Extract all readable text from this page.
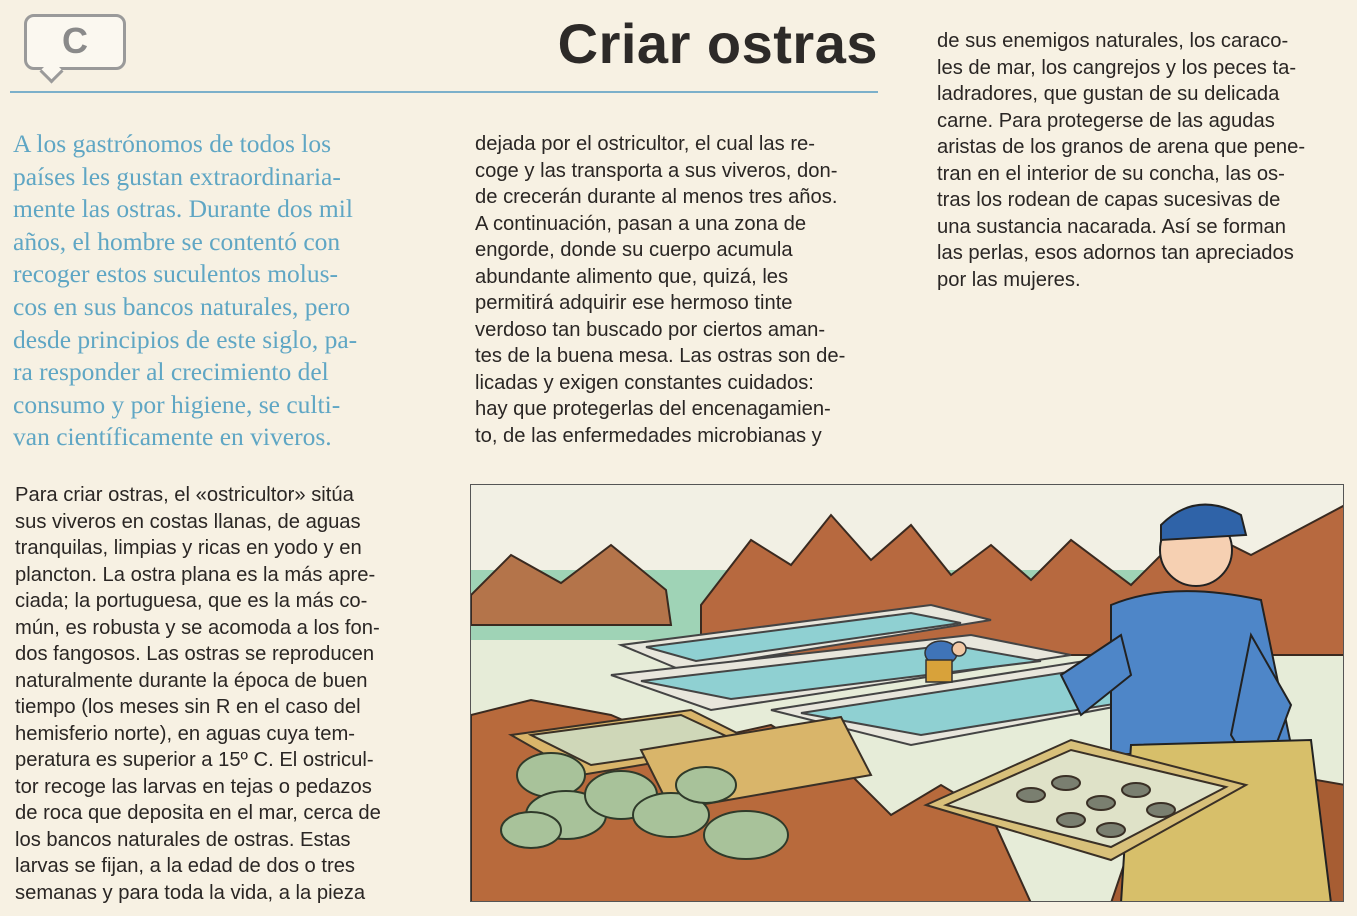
C	Criar ostras

A los gastrónomos de todos los
países les gustan extraordinaria-
mente las ostras. Durante dos mil
años, el hombre se contentó con
recoger estos suculentos molus-
cos en sus bancos naturales, pero
desde principios de este siglo, pa-
ra responder al crecimiento del
consumo y por higiene, se culti-
van científicamente en viveros.

Para criar ostras, el «ostricultor» sitúa
sus viveros en costas llanas, de aguas
tranquilas, limpias y ricas en yodo y en
plancton. La ostra plana es la más apre-
ciada; la portuguesa, que es la más co-
mún, es robusta y se acomoda a los fon-
dos fangosos. Las ostras se reproducen
naturalmente durante la época de buen
tiempo (los meses sin R en el caso del
hemisferio norte), en aguas cuya tem-
peratura es superior a 15º C. El ostricul-
tor recoge las larvas en tejas o pedazos
de roca que deposita en el mar, cerca de
los bancos naturales de ostras. Estas
larvas se fijan, a la edad de dos o tres
semanas y para toda la vida, a la pieza

dejada por el ostricultor, el cual las re-
coge y las transporta a sus viveros, don-
de crecerán durante al menos tres años.
A continuación, pasan a una zona de
engorde, donde su cuerpo acumula
abundante alimento que, quizá, les
permitirá adquirir ese hermoso tinte
verdoso tan buscado por ciertos aman-
tes de la buena mesa. Las ostras son de-
licadas y exigen constantes cuidados:
hay que protegerlas del encenagamien-
to, de las enfermedades microbianas y

de sus enemigos naturales, los caraco-
les de mar, los cangrejos y los peces ta-
ladradores, que gustan de su delicada
carne. Para protegerse de las agudas
aristas de los granos de arena que pene-
tran en el interior de su concha, las os-
tras los rodean de capas sucesivas de
una sustancia nacarada. Así se forman
las perlas, esos adornos tan apreciados
por las mujeres.
